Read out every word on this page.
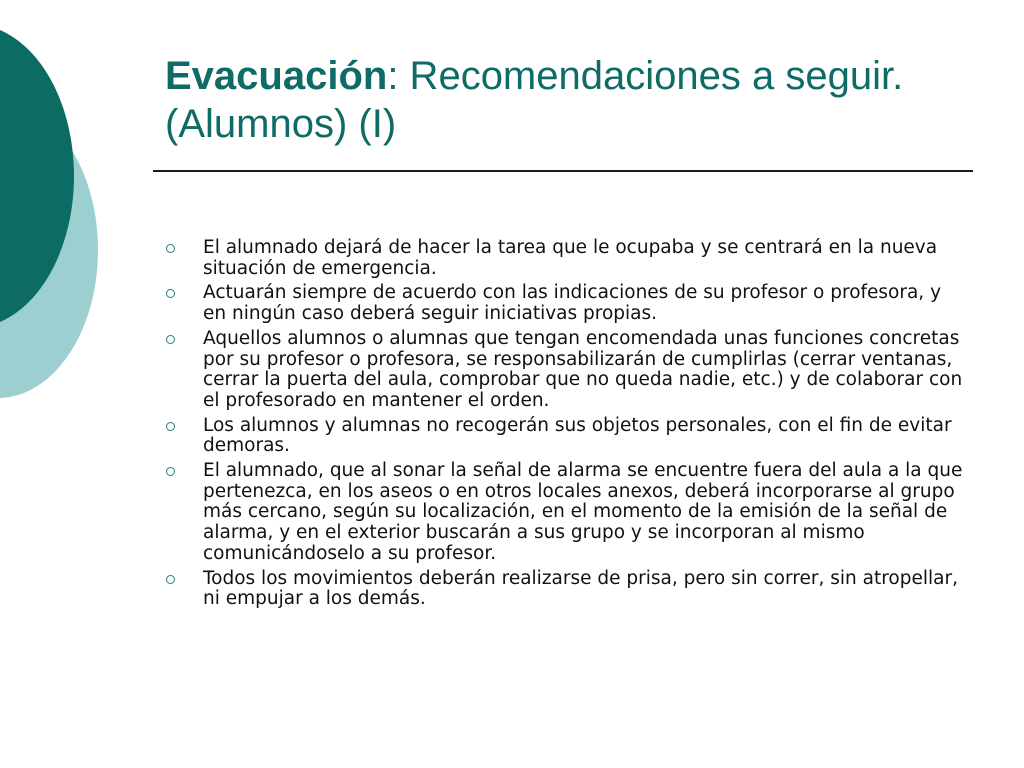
Evacuación: Recomendaciones a seguir.(Alumnos) (I)
El alumnado dejará de hacer la tarea que le ocupaba y se centrará en la nueva situación de emergencia.
Actuarán siempre de acuerdo con las indicaciones de su profesor o profesora, y en ningún caso deberá seguir iniciativas propias.
Aquellos alumnos o alumnas que tengan encomendada unas funciones concretas por su profesor o profesora, se responsabilizarán de cumplirlas (cerrar ventanas, cerrar la puerta del aula, comprobar que no queda nadie, etc.) y de colaborar con el profesorado en mantener el orden.
Los alumnos y alumnas no recogerán sus objetos personales, con el fin de evitar demoras.
El alumnado, que al sonar la señal de alarma se encuentre fuera del aula a la que pertenezca, en los aseos o en otros locales anexos, deberá incorporarse al grupo más cercano, según su localización, en el momento de la emisión de la señal de alarma, y en el exterior buscarán a sus grupo y se incorporan al mismo comunicándoselo a su profesor.
Todos los movimientos deberán realizarse de prisa, pero sin correr, sin atropellar, ni empujar a los demás.
